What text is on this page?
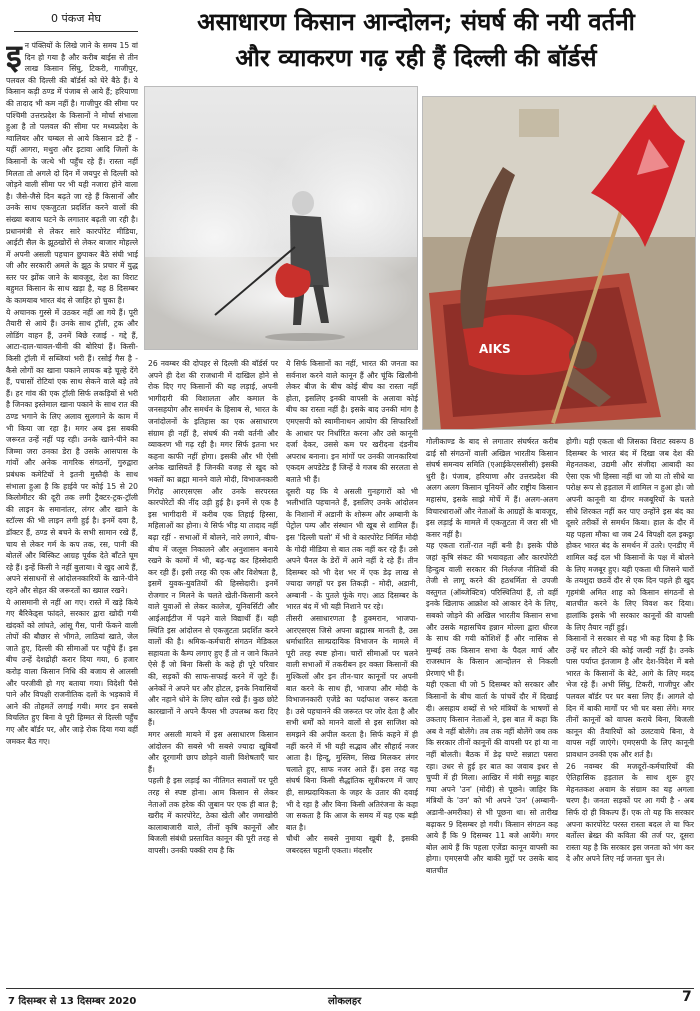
0 पंकज मेघ	असाधारण किसान आन्दोलन; संघर्ष की नयी वर्तनी
और व्याकरण गढ़ रही हैं दिल्ली की बॉर्डर्स

इन पंक्तियों के लिखे जाने के समय 15 वां दिन हो गया है और करीब बाईस से तीन लाख किसान सिंघु, टिकरी, गाजीपुर, पलवल की दिल्ली की बॉर्डर्स को घेरे बैठे हैं। ये किसान कड़ी ठण्ड में पंजाब से आये हैं; हरियाणा की तादाद भी कम नहीं है। गाजीपुर की सीमा पर पश्चिमी उत्तरप्रदेश के किसानों ने मोर्चा संभाला हुआ है तो पलवल की सीमा पर मध्यप्रदेश के ग्वालियर और चम्बल से आये किसान डटे हैं - यहीं आगरा, मथुरा और इटावा आदि जिलों के किसानों के जत्थे भी पहुँच रहे हैं। रास्ता नहीं मिलता तो अगले दो दिन में जयपुर से दिल्ली को जोड़ने वाली सीमा पर भी यही नजारा होने वाला है। जैसे-जैसे दिन बढ़ते जा रहे हैं किसानों और उनके साथ एकजुटता प्रदर्शित करने वालों की संख्या बजाय घटने के लगातार बढ़ती जा रही है। प्रधानमंत्री से लेकर सारे कारपोरेट मीडिया, आईटी सैल के झूठखोरों से लेकर बाजार मोहल्ले में अपनी असली पहचान छुपाकर बैठे संघी भाई जी और सरकारी अमले के झूठ के प्रचार में युद्ध स्तर पर झोंक जाने के बावजूद, देश का विराट बहुमत किसान के साथ खड़ा है, यह 8 दिसम्बर के कामयाब भारत बंद से जाहिर हो चुका है।

ये अचानक गुस्से में उठकर नहीं आ गये हैं। पूरी तैयारी से आये हैं। उनके साथ ट्रॉली, ट्रक और लोडिंग वाहन हैं, उनमें बिछे रजाई - गद्दे हैं, आटा-दाल-चावल-चीनी की बोरियां हैं। किसी-किसी ट्रॉली में सब्जियां भरी हैं। रसोई गैस है - कैसे लोगों का खाना पकाने लायक बड़े चूल्हे देंगे हैं, पचासों रोटियां एक साथ सेकने वाले बड़े तवे हैं। हर गांव की एक ट्रॉली सिर्फ लकड़ियों से भरी है जिनका इस्तेमाल खाना पकाने के साथ रात की ठण्ड भगाने के लिए अलाव सुलगाने के काम में भी किया जा रहा है। मगर अब इस सबकी जरूरत उन्हें नहीं पड़ रही। उनके खाने-पीने का जिम्मा जरा उनका डेरा है उसके आसपास के गांवों और अनेक नागरिक संगठनों, गुरुद्वारा प्रबंधक कमेटियों ने इतनी मुस्तैदी के साथ संभाला हुआ है कि हाईवे पर कोई 15 से 20 किलोमीटर की दूरी तक लगी ट्रैक्टर-ट्रक-ट्रॉली की लाइन के समानांतर, लंगर और खाने के स्टॉल्स की भी लाइन लगी हुई है। इनमें दवा है, डॉक्टर हैं, ठण्ड से बचने के सभी सामान रखे हैं, चाय से लेकर गर्म के कप तक, रस, पानी की बोतलें और बिस्किट आग्रह पूर्वक देते बाँटते घूम रहे हैं। इन्हें किसी ने नहीं बुलाया। ये खुद आये हैं, अपने संसाधनों से आंदोलनकारियों के खाने-पीने रहने और सेहत की जरूरतों का ख्याल रखने।

ये आसमानी से नहीं आ गए। रास्ते में खड़े किये गए बैरिकेड्स फांदते, सरकार द्वारा खोदी गयी खंदकों को लांघते, आंसू गैस, पानी फेंकने वाली तोपों की बौछार से भीगते, लाठियां खाते, जेल जाते हुए, दिल्ली की सीमाओं पर पहुँचे हैं। इस बीच उन्हें देशद्रोही करार दिया गया, 6 हजार करोड़ वाला किसान निधि की बजाय से आलसी और परजीवी हो गए बताया गया। विदेशी पैसे पाने और विपक्षी राजनीतिक दलों के भड़कावे में आने की तोहमतें लगाई गयी। मगर इन सबसे विचलित हुए बिना वे पूरी हिम्मत से दिल्ली पहुँच गए और बॉर्डर पर, और जाड़े रोक दिया गया वहीं जमकर बैठ गए।

AIKS

26 नवम्बर की दोपहर से दिल्ली की बॉर्डर्स पर अपने ही देश की राजधानी में दाखिल होने से रोक दिए गए किसानों की यह लड़ाई, अपनी भागीदारी की विशालता और कमाल के जनसहयोग और समर्थन के हिसाब से, भारत के जनांदोलनों के इतिहास का एक असाधारण संग्राम ही नहीं है, संघर्ष की नयी वर्तनी और व्याकरण भी गढ़ रही है। मगर सिर्फ इतना भर कहना काफी नहीं होगा। इसकी और भी ऐसी अनेक खासियतें हैं जिनकी वजह से खुद को भक्तों का ब्रह्मा मानने वाले मोदी, विभाजनकारी गिरोह आरएसएस और उनके सरपरस्त कारपोरेटों की नींद उड़ी हुई है। इनमें से एक है इस भागीदारी में करीब एक तिहाई हिस्सा, महिलाओं का होना। ये सिर्फ भीड़ या तादाद नहीं बढ़ा रहीं - सभाओं में बोलने, नारे लगाने, बीच-बीच में जलूस निकालने और अनुशासन बनाये रखने के कामों में भी, बढ़-चढ़ कर हिस्सेदारी कर रही हैं। इसी तरह की एक और विशेषता है, इसमें युवक-युवतियों की हिस्सेदारी। इनमें रोजगार न मिलने के चलते खेती-किसानी करने वाले युवाओं से लेकर कालेज, यूनिवर्सिटी और आईआईटीज में पढ़ने वाले विद्यार्थी हैं। यही स्थिति इस आंदोलन से एकजुटता प्रदर्शित करने वालों की है। श्रमिक-कर्मचारी संगठन मेडिकल सहायता के कैम्प लगाए हुए हैं तो न जाने कितने ऐसे हैं जो बिना किसी के कहे ही पूरे परिवार की, सड़कों की साफ-सफाई करने में जुटे हैं। अनेकों ने अपने घर और होटल, इनके निवासियों और नहाने धोने के लिए खोल रखे हैं। कुछ छोटे कारखानों ने अपने कैंपस भी उपलब्ध करा दिए हैं।

मगर असली मायने में इस असाधारण किसान आंदोलन की सबसे भी सबसे ज्यादा खूबियाँ और दूरगामी छाप छोड़ने वाली विशेषताएँ चार हैं।

पहली है इस लड़ाई का नीतिगत सवालों पर पूरी तरह से स्पष्ट होना। आम किसान से लेकर नेताओं तक हरेक की जुबान पर एक ही बात है; खरीद में कारपोरेट, ठेका खेती और जमाखोरी कालाबाजारी वाले, तीनों कृषि कानूनों और बिजली संबंधी प्रस्तावित कानून की पूरी तरह से वापसी। उनकी पक्की राय है कि

ये सिर्फ किसानों का नहीं, भारत की जनता का सर्वनाश करने वाले कानून हैं और चूंकि खिलौनी लेकर बीज के बीच कोई बीच का रास्ता नहीं होता, इसलिए इनकी वापसी के अलावा कोई बीच का रास्ता नहीं है। इसके बाद उनकी मांग है एमएसपी को स्वामीनाथन आयोग की सिफारिशों के आधार पर निर्धारित करना और उसे कानूनी दर्जा देकर, उससे कम पर खरीदना दंडनीय अपराध बनाना। इन मांगों पर उनकी जानकारियां एकदम अपडेटेड हैं जिन्हें वे गजब की सरलता से बताते भी हैं।

दूसरी यह कि ये असली गुनहगारों को भी भलीभांति पहचानते हैं, इसलिए उनके आंदोलन के निशानों में अडानी के शोरूम और अम्बानी के पेट्रोल पम्प और संस्थान भी खूब से शामिल हैं। इस 'दिल्ली चलो' में भी वे कारपोरेट निर्मित मोदी के गोदी मीडिया से बात तक नहीं कर रहे हैं। उसे अपने चैनल के डेरों में आने नहीं दे रहे हैं। तीन दिसम्बर को भी देश भर में एक डेढ़ लाख से ज्यादा जगहों पर इस तिकड़ी - मोदी, अडानी, अम्बानी - के पुतले फूंके गए। आठ दिसम्बर के भारत बंद में भी यही निशाने पर रहे।

तीसरी असाधारणता है हुक्मरान, भाजपा-आरएसएस जिसे अपना ब्रह्मास्त्र मानती है, उस धर्माधारित साम्प्रदायिक विभाजन के मामले में पूरी तरह स्पष्ट होना। चारों सीमाओं पर चलने वाली सभाओं में तकरीबन हर वक्ता किसानों की मुश्किलों और इन तीन-चार कानूनों पर अपनी बात करने के साथ ही, भाजपा और मोदी के विभाजनकारी एजेंडे का पर्दाफाश जरूर करता है। उसे पहचानने की जरूरत पर जोर देता है और सभी धर्मों को मानने वालों से इस साजिश को समझने की अपील करता है। सिर्फ कहने में ही नहीं करने में भी यही सद्भाव और सौहार्द नजर आता है। हिन्दू, मुस्लिम, सिख मिलकर लंगर चलाते हुए, साफ नजर आते हैं। इस तरह यह संघर्ष बिना किसी सैद्धांतिक सूत्रीकरण में जाए ही, साम्प्रदायिकता के जहर के उतार की दवाई भी दे रहा है और बिना किसी अतिरंजना के कहा जा सकता है कि आज के समय में यह एक बड़ी बात है।

चौथी और सबसे नुमाया खूबी है, इसकी जबरदस्त चट्टानी एकता। मंदसौर

गोलीकाण्ड के बाद से लगातार संघर्षरत करीब ढाई सौ संगठनों वाली अखिल भारतीय किसान संघर्ष समन्वय समिति (एआईकेएससीसी) इसकी धुरी है। पंजाब, हरियाणा और उत्तरप्रदेश की अलग अलग किसान यूनियनें और राष्ट्रीय किसान महासंघ, इसके साझे मोर्चे में हैं। अलग-अलग विचारधाराओं और नेताओं के आग्रहों के बावजूद, इस लड़ाई के मामले में एकजुटता में जरा सी भी कसर नहीं है।

यह एकता रातों-रात नहीं बनी है। इसके पीछे जहां कृषि संकट की भयावहता और कारपोरेटी हिन्दुत्व वाली सरकार की निर्लज्ज नीतियों की तेजी से लागू करने की हठधर्मिता से उपजी वस्तुगत (ऑब्जेक्टिव) परिस्थितियां हैं, तो वहीं इनके खिलाफ आक्रोश को आकार देने के लिए, सबको जोड़ने की अखिल भारतीय किसान सभा और उसके महासचिव हन्नान मोल्ला द्वारा धीरज के साथ की गयी कोशिशें हैं और नासिक से मुम्बई तक किसान सभा के पैदल मार्च और राजस्थान के किसान आन्दोलन से निकली प्रेरणाएं भी हैं।

यही एकता थी जो 5 दिसम्बर को सरकार और किसानों के बीच वार्ता के पांचवें दौर में दिखाई दी। असहाय शब्दों से भरे मंत्रियों के भाषणों से उकताए किसान नेताओं ने, इस बात में कहा कि अब वे नहीं बोलेंगे। तब तक नहीं बोलेंगे जब तक कि सरकार तीनों कानूनों की वापसी पर हां या ना नहीं बोलती। बैठक में डेढ़ घण्टे सन्नाटा पसरा रहा। उधर से हुई हर बात का जवाब इधर से चुप्पी में ही मिला। आखिर में मंत्री समूह बाहर गया अपने 'उन' (मोदी) से पूछने। जाहिर कि मंत्रियों के 'उन' को भी अपने 'उन' (अम्बानी-अडानी-अमरीका) से भी पूछना था। सो तारीख बढ़ाकर 9 दिसम्बर हो गयी। किसान संगठन कह आये हैं कि 9 दिसम्बर 11 बजे आयेंगे। मगर बोल आये हैं कि पहला एजेंडा कानून वापसी का होगा। एमएसपी और बाकी मुद्दों पर उसके बाद बातचीत

होगी। यही एकता थी जिसका विराट स्वरूप 8 दिसम्बर के भारत बंद में दिखा जब देश की मेहनतकश, उद्यमी और संजीदा आबादी का ऐसा एक भी हिस्सा नहीं था जो या तो सीधे या परोक्ष रूप से हड़ताल में शामिल न हुआ हो। जो अपनी कानूनी या दीगर मजबूरियों के चलते सीधे शिरकत नहीं कर पाए उन्होंने इस बंद का दूसरे तरीकों से समर्थन किया। हाल के दौर में यह पहला मौका था जब 24 विपक्षी दल इकट्ठा होकर भारत बंद के समर्थन में उतरे। एनडीए में शामिल कई दल भी किसानों के पक्ष में बोलने के लिए मजबूर हुए। यही एकता थी जिसने चारों के तयशुदा छठवें दौर से एक दिन पहले ही खुद गृहमंत्री अमित शाह को किसान संगठनों से बातचीत करने के लिए विवश कर दिया। हालांकि इसके भी सरकार कानूनों की वापसी के लिए तैयार नहीं हुई।

किसानों ने सरकार से यह भी कह दिया है कि उन्हें घर लौटने की कोई जल्दी नहीं है। उनके पास पर्याप्त इंतजाम है और देश-विदेश में बसे भारत के किसानों के बेटे, आगे के लिए मदद भेज रहे हैं। अभी सिंघु, टिकरी, गाजीपुर और पलवल बॉर्डर पर घर बसा लिए हैं। आगले दो दिन में बाकी मार्गों पर भी घर बसा लेंगे। मगर तीनों कानूनों को वापस कराये बिना, बिजली कानून की तैयारियों को उलटवाये बिना, वे वापस नहीं जाएंगे। एमएसपी के लिए कानूनी प्रावधान उनकी एक और शर्त है।

26 नवम्बर की मजदूरों-कर्मचारियों की ऐतिहासिक हड़ताल के साथ शुरू हुए मेहनतकश अवाम के संग्राम का यह अगला चरण है। जनता सड़कों पर आ गयी है - अब सिर्फ दो ही विकल्प हैं। एक तो यह कि सरकार अपना कारपोरेट परस्त रास्ता बदल ले या फिर बर्तोल्त ब्रेख्त की कविता की तर्ज पर, दूसरा रास्ता यह है कि सरकार इस जनता को भंग कर दे और अपने लिए नई जनता चुन ले।

7 दिसम्बर से 13 दिसम्बर 2020	लोकलहर	7
